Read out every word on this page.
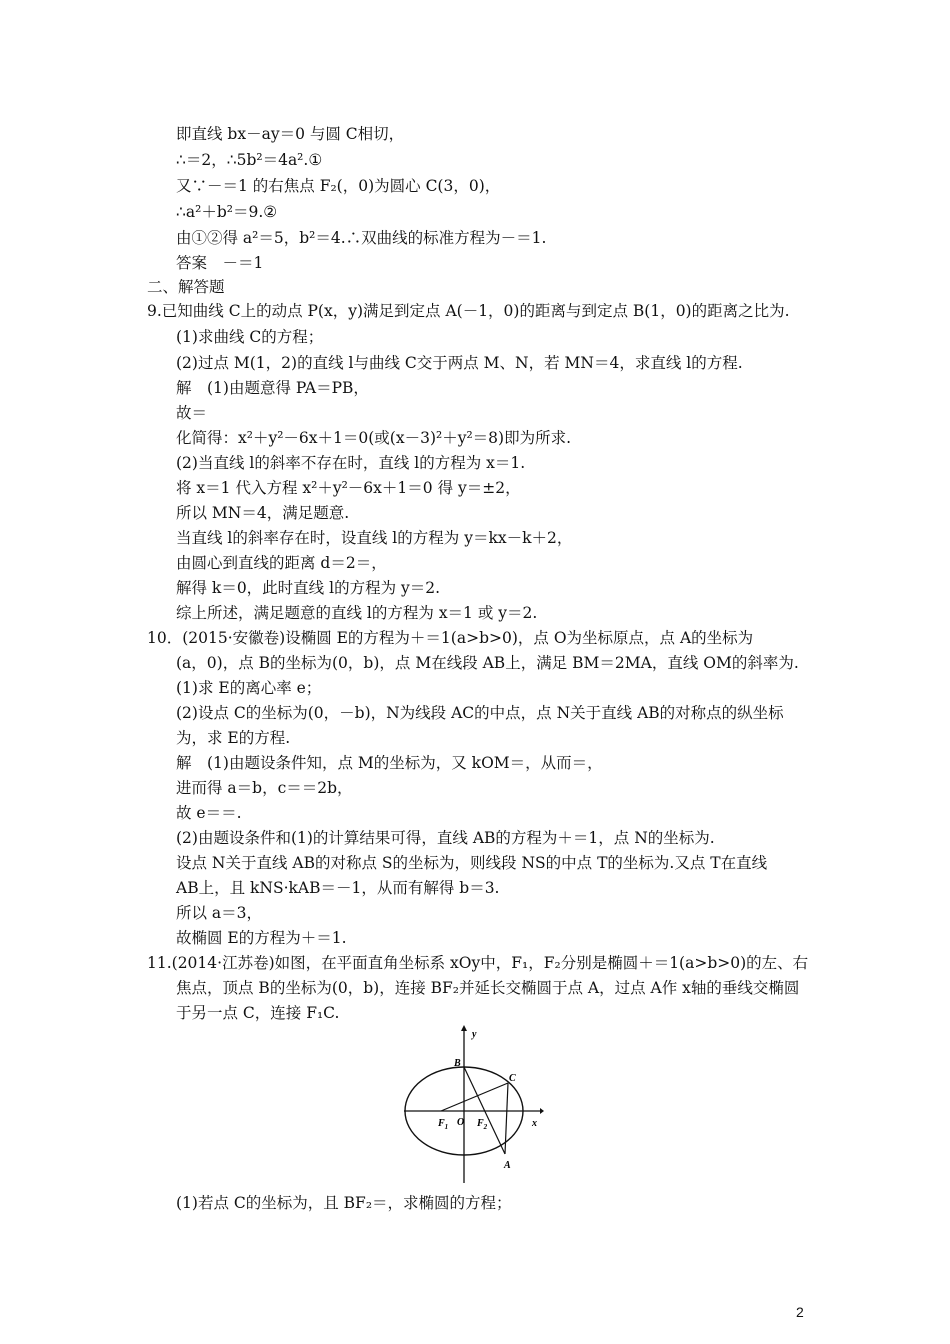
即直线 bx－ay＝0 与圆 C相切，
∴＝2，∴5b²＝4a².①
又∵－＝1 的右焦点 F₂(，0)为圆心 C(3，0)，
∴a²＋b²＝9.②
由①②得 a²＝5，b²＝4.∴双曲线的标准方程为－＝1.
答案　－＝1
二、解答题
9.已知曲线 C上的动点 P(x，y)满足到定点 A(－1，0)的距离与到定点 B(1，0)的距离之比为.
(1)求曲线 C的方程；
(2)过点 M(1，2)的直线 l与曲线 C交于两点 M、N，若 MN＝4，求直线 l的方程.
解　(1)由题意得 PA＝PB，
故＝
化简得：x²＋y²－6x＋1＝0(或(x－3)²＋y²＝8)即为所求.
(2)当直线 l的斜率不存在时，直线 l的方程为 x＝1.
将 x＝1 代入方程 x²＋y²－6x＋1＝0 得 y＝±2，
所以 MN＝4，满足题意.
当直线 l的斜率存在时，设直线 l的方程为 y＝kx－k＋2，
由圆心到直线的距离 d＝2＝，
解得 k＝0，此时直线 l的方程为 y＝2.
综上所述，满足题意的直线 l的方程为 x＝1 或 y＝2.
10．(2015·安徽卷)设椭圆 E的方程为＋＝1(a>b>0)，点 O为坐标原点，点 A的坐标为
(a，0)，点 B的坐标为(0，b)，点 M在线段 AB上，满足 BM＝2MA，直线 OM的斜率为.
(1)求 E的离心率 e；
(2)设点 C的坐标为(0，－b)，N为线段 AC的中点，点 N关于直线 AB的对称点的纵坐标
为，求 E的方程.
解　(1)由题设条件知，点 M的坐标为，又 kOM＝，从而＝，
进而得 a＝b，c＝＝2b，
故 e＝＝.
(2)由题设条件和(1)的计算结果可得，直线 AB的方程为＋＝1，点 N的坐标为.
设点 N关于直线 AB的对称点 S的坐标为，则线段 NS的中点 T的坐标为.又点 T在直线
AB上，且 kNS·kAB＝－1，从而有解得 b＝3.
所以 a＝3，
故椭圆 E的方程为＋＝1.
11.(2014·江苏卷)如图，在平面直角坐标系 xOy中，F₁，F₂分别是椭圆＋＝1(a>b>0)的左、右
焦点，顶点 B的坐标为(0，b)，连接 BF₂并延长交椭圆于点 A，过点 A作 x轴的垂线交椭圆
于另一点 C，连接 F₁C.
(1)若点 C的坐标为，且 BF₂＝，求椭圆的方程；
y
B
C
$F_1$ O $F_2$	x
A
2
